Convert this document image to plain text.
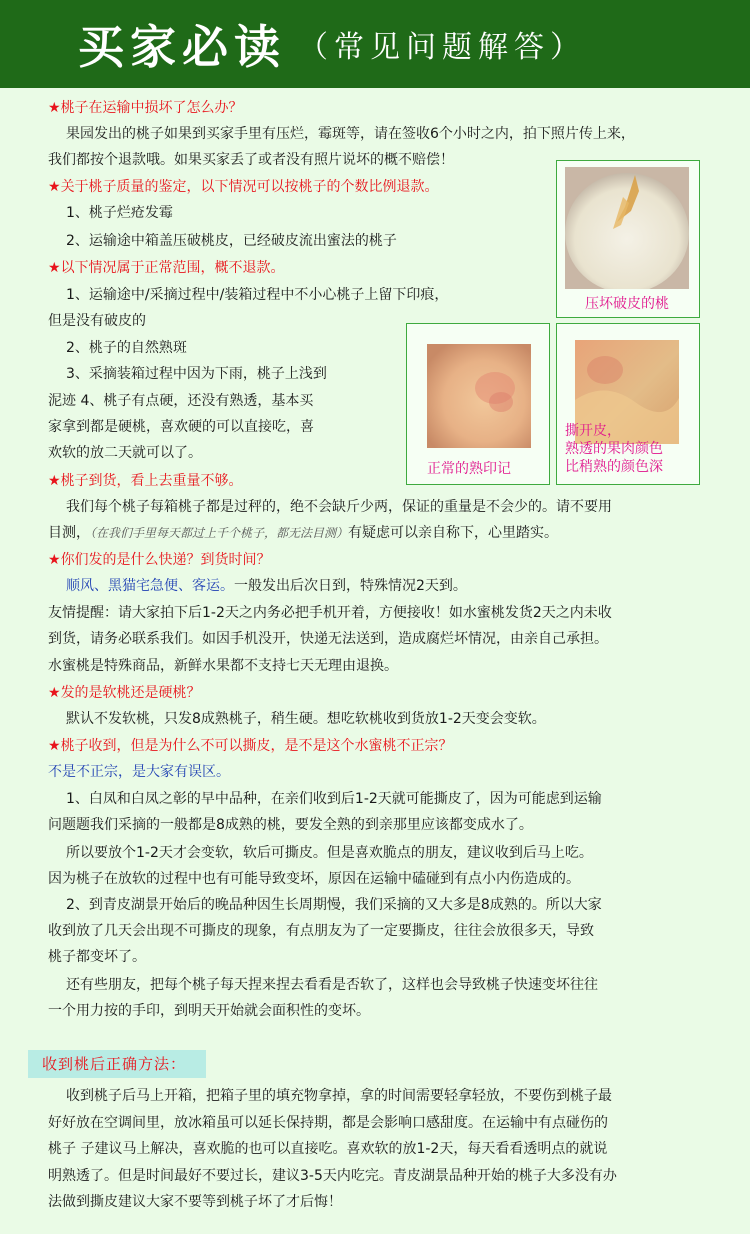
买家必读 （常见问题解答）
★桃子在运输中损坏了怎么办？
果园发出的桃子如果到买家手里有压烂，霉斑等，请在签收6个小时之内，拍下照片传上来，
我们都按个退款哦。如果买家丢了或者没有照片说坏的概不赔偿！
★关于桃子质量的鉴定，以下情况可以按桃子的个数比例退款。
1、桃子烂疮发霉
2、运输途中箱盖压破桃皮，已经破皮流出蜜法的桃子
★以下情况属于正常范围，概不退款。
1、运输途中/采摘过程中/装箱过程中不小心桃子上留下印痕，
但是没有破皮的
2、桃子的自然熟斑
3、采摘装箱过程中因为下雨，桃子上浅到
泥迹 4、桃子有点硬，还没有熟透，基本买
家拿到都是硬桃，喜欢硬的可以直接吃，喜
欢软的放二天就可以了。
压坏破皮的桃
正常的熟印记
撕开皮，
熟透的果肉颜色
比稍熟的颜色深
★桃子到货，看上去重量不够。
我们每个桃子每箱桃子都是过秤的，绝不会缺斤少两，保证的重量是不会少的。请不要用
目测，（在我们手里每天都过上千个桃子，都无法目测）有疑虑可以亲自称下，心里踏实。
★你们发的是什么快递？到货时间？
顺风、黑猫宅急便、客运。一般发出后次日到，特殊情况2天到。
友情提醒：请大家拍下后1-2天之内务必把手机开着，方便接收！如水蜜桃发货2天之内未收
到货，请务必联系我们。如因手机没开，快递无法送到，造成腐烂坏情况，由亲自己承担。
水蜜桃是特殊商品，新鲜水果都不支持七天无理由退换。
★发的是软桃还是硬桃？
默认不发软桃，只发8成熟桃子，稍生硬。想吃软桃收到货放1-2天变会变软。
★桃子收到，但是为什么不可以撕皮，是不是这个水蜜桃不正宗？
不是不正宗，是大家有误区。
1、白凤和白凤之彰的早中品种，在亲们收到后1-2天就可能撕皮了，因为可能虑到运输
问题题我们采摘的一般都是8成熟的桃，要发全熟的到亲那里应该都变成水了。
所以要放个1-2天才会变软，软后可撕皮。但是喜欢脆点的朋友，建议收到后马上吃。
因为桃子在放软的过程中也有可能导致变坏，原因在运输中磕碰到有点小内伤造成的。
2、到青皮湖景开始后的晚品种因生长周期慢，我们采摘的又大多是8成熟的。所以大家
收到放了几天会出现不可撕皮的现象，有点朋友为了一定要撕皮，往往会放很多天，导致
桃子都变坏了。
还有些朋友，把每个桃子每天捏来捏去看看是否软了，这样也会导致桃子快速变坏往往
一个用力按的手印，到明天开始就会面积性的变坏。
收到桃后正确方法：
收到桃子后马上开箱，把箱子里的填充物拿掉，拿的时间需要轻拿轻放，不要伤到桃子最
好好放在空调间里，放冰箱虽可以延长保持期，都是会影响口感甜度。在运输中有点碰伤的
桃子 子建议马上解决，喜欢脆的也可以直接吃。喜欢软的放1-2天，每天看看透明点的就说
明熟透了。但是时间最好不要过长，建议3-5天内吃完。青皮湖景品种开始的桃子大多没有办
法做到撕皮建议大家不要等到桃子坏了才后悔！
